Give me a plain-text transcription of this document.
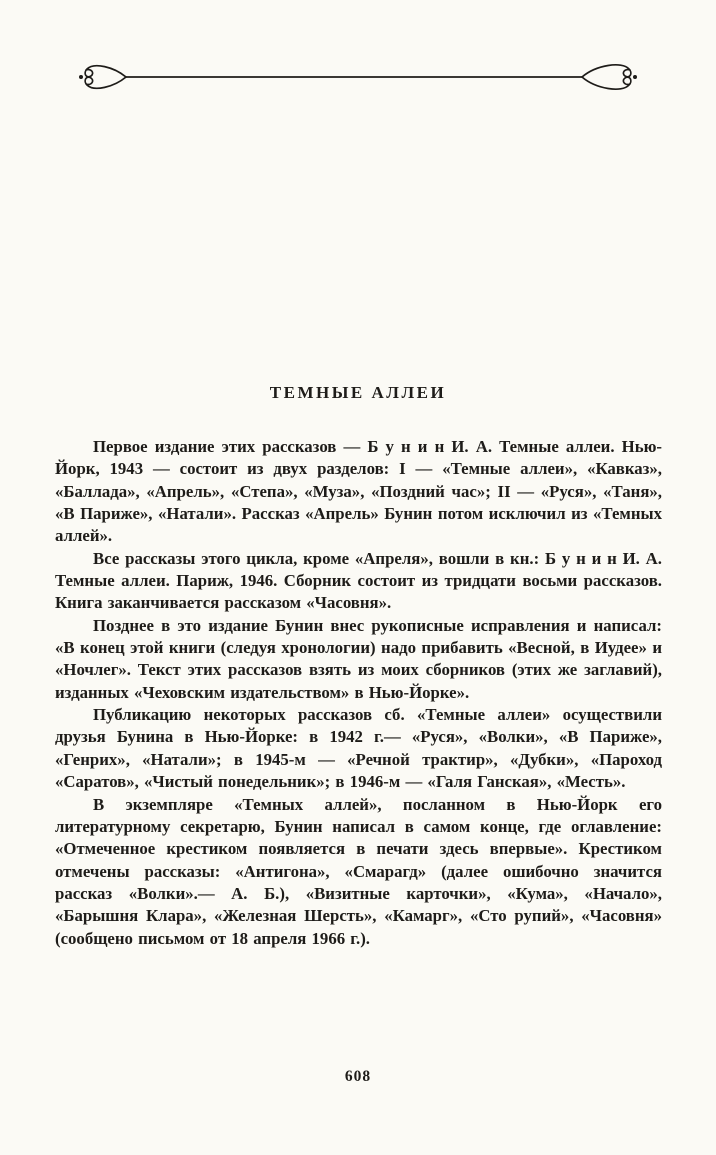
ТЕМНЫЕ АЛЛЕИ

Первое издание этих рассказов — Б у н и н И. А. Темные аллеи. Нью-Йорк, 1943 — состоит из двух разделов: I — «Темные аллеи», «Кавказ», «Баллада», «Апрель», «Степа», «Муза», «Поздний час»; II — «Руся», «Таня», «В Париже», «Натали». Рассказ «Апрель» Бунин потом исключил из «Темных аллей».

Все рассказы этого цикла, кроме «Апреля», вошли в кн.: Б у н и н И. А. Темные аллеи. Париж, 1946. Сборник состоит из тридцати восьми рассказов. Книга заканчивается рассказом «Часовня».

Позднее в это издание Бунин внес рукописные исправления и написал: «В конец этой книги (следуя хронологии) надо прибавить «Весной, в Иудее» и «Ночлег». Текст этих рассказов взять из моих сборников (этих же заглавий), изданных «Чеховским издательством» в Нью-Йорке».

Публикацию некоторых рассказов сб. «Темные аллеи» осуществили друзья Бунина в Нью-Йорке: в 1942 г.— «Руся», «Волки», «В Париже», «Генрих», «Натали»; в 1945-м — «Речной трактир», «Дубки», «Пароход «Саратов», «Чистый понедельник»; в 1946-м — «Галя Ганская», «Месть».

В экземпляре «Темных аллей», посланном в Нью-Йорк его литературному секретарю, Бунин написал в самом конце, где оглавление: «Отмеченное крестиком появляется в печати здесь впервые». Крестиком отмечены рассказы: «Антигона», «Смарагд» (далее ошибочно значится рассказ «Волки».— А. Б.), «Визитные карточки», «Кума», «Начало», «Барышня Клара», «Железная Шерсть», «Камарг», «Сто рупий», «Часовня» (сообщено письмом от 18 апреля 1966 г.).

608
